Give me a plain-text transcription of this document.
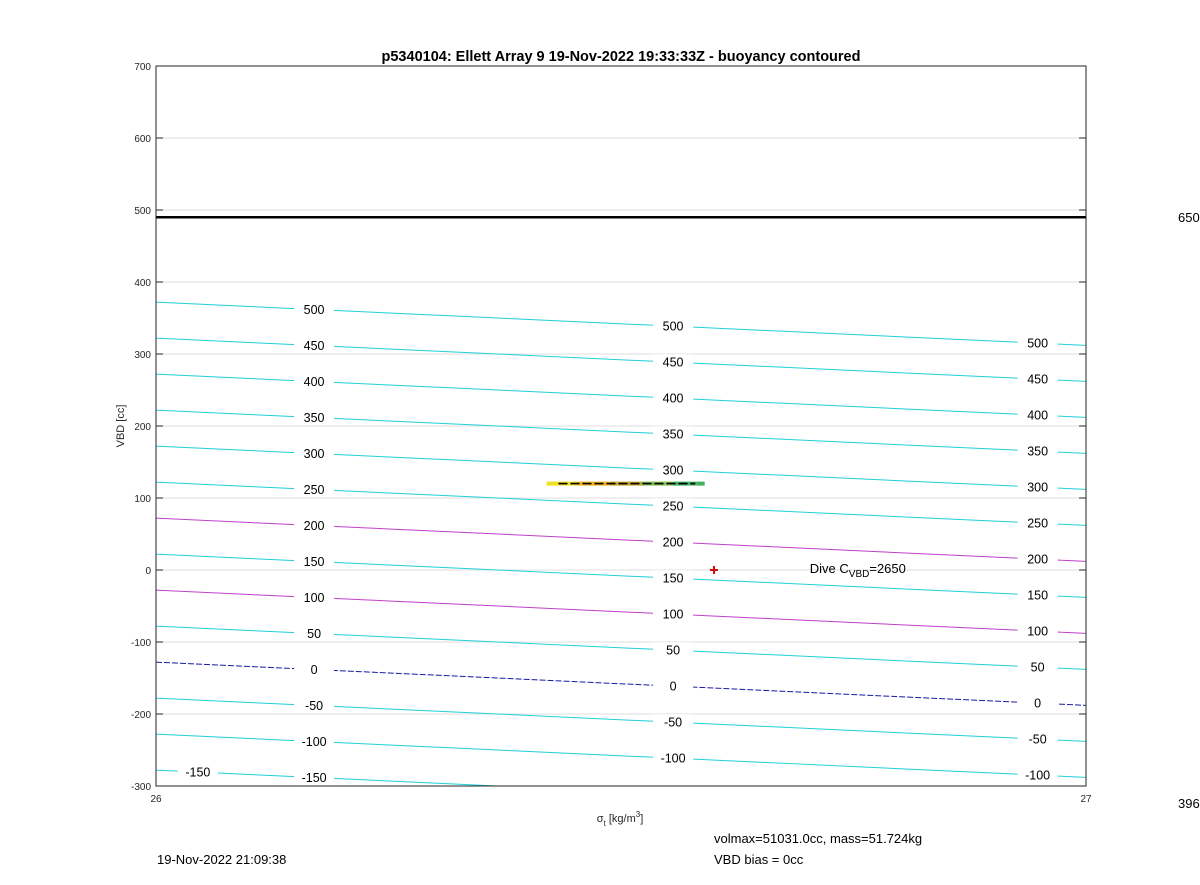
-300
-200
-100
0
100
200
300
400
500
600
700
26	27
p5340104: Ellett Array 9 19-Nov-2022 19:33:33Z - buoyancy contoured
VBD [cc]
$\sigma_t$ $[kg/m^3]$
Dive $C_{VBD}=2650$
-150
-100
-100
-100
-50
-50
-50
0
0
0
50
50
50
100
100
100
150
150
150
200
200
200
250
250
250
300
300
300
350
350
350
400
400
400
450
450
450
500
500
500
-150
650
396
19-Nov-2022 21:09:38
volmax=51031.0cc, mass=51.724kg
VBD bias = 0cc
